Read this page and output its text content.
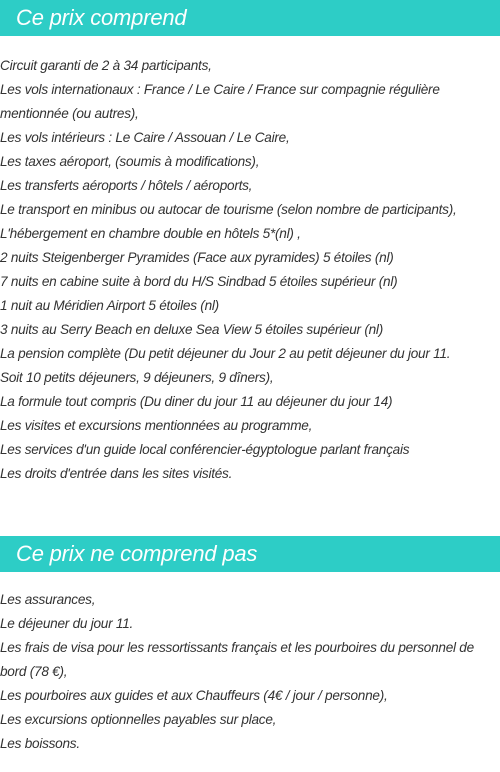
Ce prix comprend
Circuit garanti de 2 à 34 participants,
Les vols internationaux : France / Le Caire / France sur compagnie régulière mentionnée (ou autres),
Les vols intérieurs : Le Caire / Assouan / Le Caire,
Les taxes aéroport, (soumis à modifications),
Les transferts aéroports / hôtels / aéroports,
Le transport en minibus ou autocar de tourisme (selon nombre de participants),
L'hébergement en chambre double en hôtels 5*(nl) ,
2 nuits Steigenberger Pyramides (Face aux pyramides) 5 étoiles (nl)
7 nuits en cabine suite à bord du H/S Sindbad 5 étoiles supérieur (nl)
1 nuit au Méridien Airport 5 étoiles (nl)
3 nuits au Serry Beach en deluxe Sea View 5 étoiles supérieur (nl)
La pension complète (Du petit déjeuner du Jour 2 au petit déjeuner du jour 11.
Soit 10 petits déjeuners, 9 déjeuners, 9 dîners),
La formule tout compris (Du diner du jour 11 au déjeuner du jour 14)
Les visites et excursions mentionnées au programme,
Les services d'un guide local conférencier-égyptologue parlant français
Les droits d'entrée dans les sites visités.
Ce prix ne comprend pas
Les assurances,
Le déjeuner du jour 11.
Les frais de visa pour les ressortissants français et les pourboires du personnel de bord (78 €),
Les pourboires aux guides et aux Chauffeurs (4€ / jour / personne),
Les excursions optionnelles payables sur place,
Les boissons.
